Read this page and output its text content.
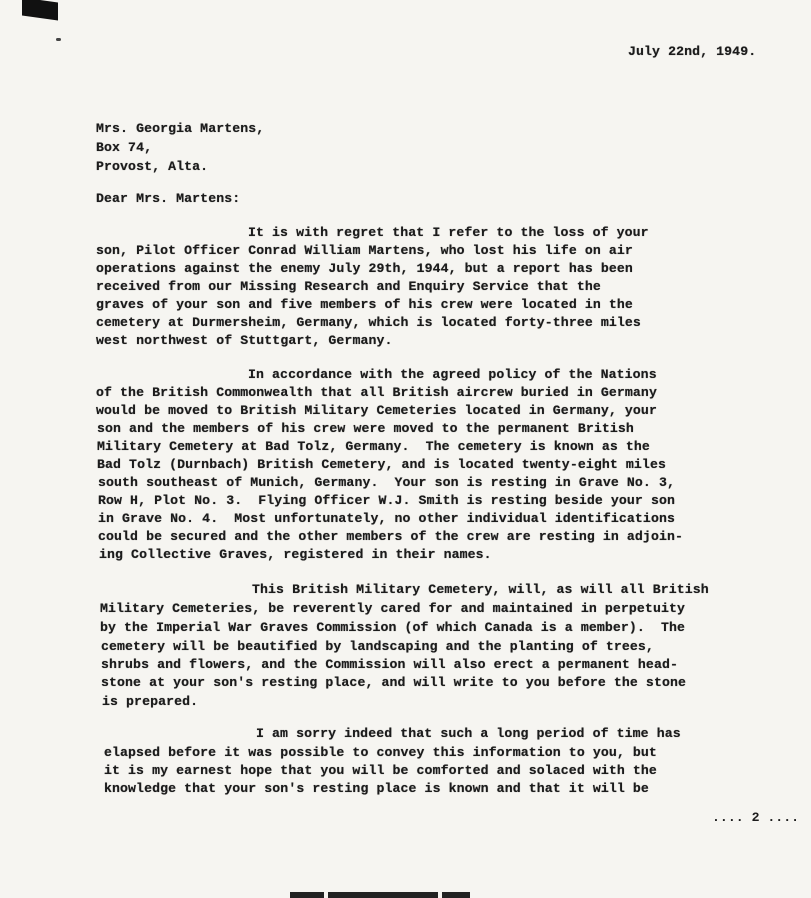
July 22nd, 1949.
Mrs. Georgia Martens,
Box 74,
Provost, Alta.
Dear Mrs. Martens:
It is with regret that I refer to the loss of your
son, Pilot Officer Conrad William Martens, who lost his life on air
operations against the enemy July 29th, 1944, but a report has been
received from our Missing Research and Enquiry Service that the
graves of your son and five members of his crew were located in the
cemetery at Durmersheim, Germany, which is located forty-three miles
west northwest of Stuttgart, Germany.
In accordance with the agreed policy of the Nations
of the British Commonwealth that all British aircrew buried in Germany
would be moved to British Military Cemeteries located in Germany, your
son and the members of his crew were moved to the permanent British
Military Cemetery at Bad Tolz, Germany.  The cemetery is known as the
Bad Tolz (Durnbach) British Cemetery, and is located twenty-eight miles
south southeast of Munich, Germany.  Your son is resting in Grave No. 3,
Row H, Plot No. 3.  Flying Officer W.J. Smith is resting beside your son
in Grave No. 4.  Most unfortunately, no other individual identifications
could be secured and the other members of the crew are resting in adjoin-
ing Collective Graves, registered in their names.
This British Military Cemetery, will, as will all British
Military Cemeteries, be reverently cared for and maintained in perpetuity
by the Imperial War Graves Commission (of which Canada is a member).  The
cemetery will be beautified by landscaping and the planting of trees,
shrubs and flowers, and the Commission will also erect a permanent head-
stone at your son's resting place, and will write to you before the stone
is prepared.
I am sorry indeed that such a long period of time has
elapsed before it was possible to convey this information to you, but
it is my earnest hope that you will be comforted and solaced with the
knowledge that your son's resting place is known and that it will be
.... 2 ....
